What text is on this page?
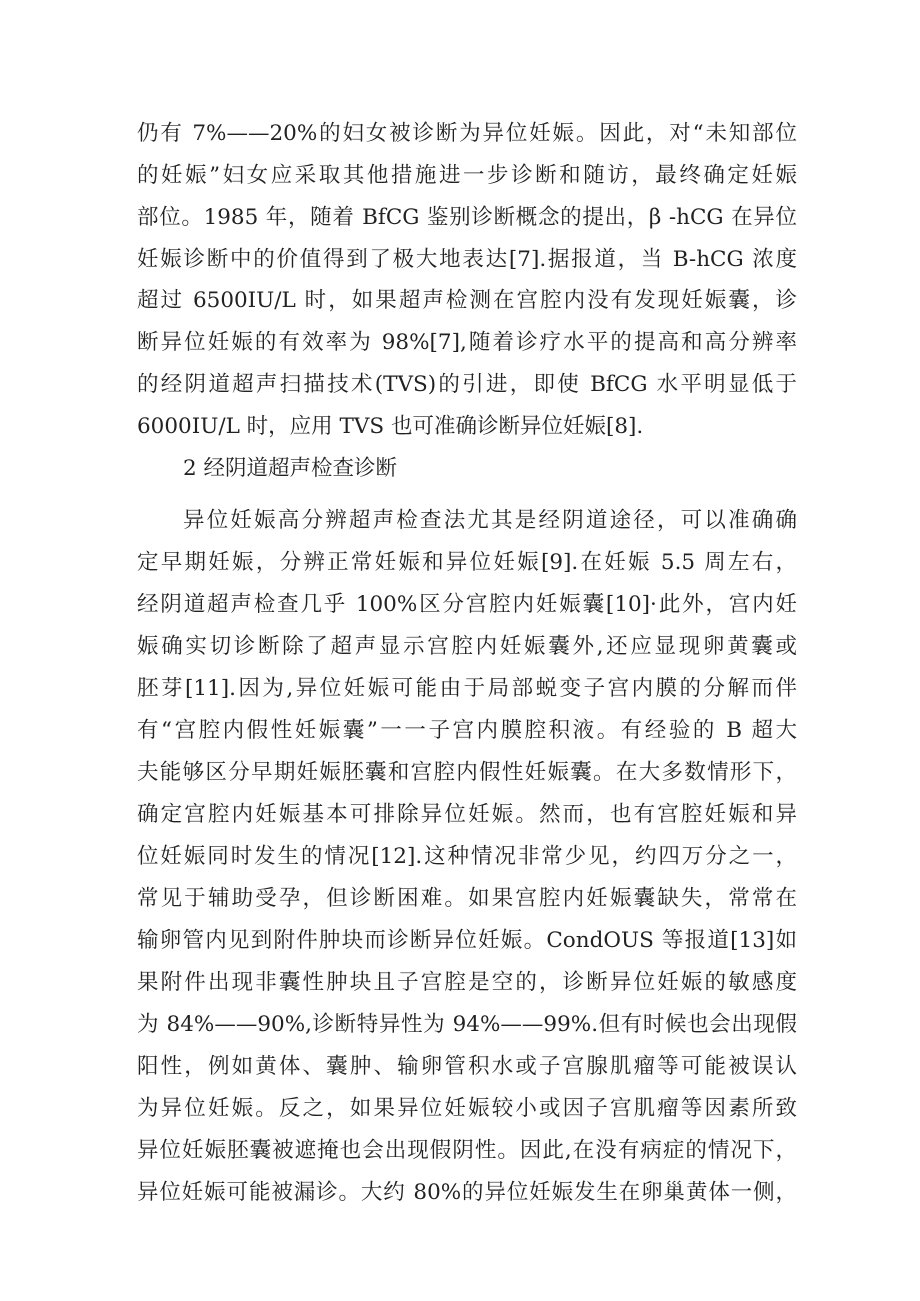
仍有 7%——20%的妇女被诊断为异位妊娠。因此，对“未知部位
的妊娠”妇女应采取其他措施进一步诊断和随访，最终确定妊娠
部位。1985 年，随着 BfCG 鉴别诊断概念的提出，β -hCG 在异位
妊娠诊断中的价值得到了极大地表达[7].据报道，当 B-hCG 浓度
超过 6500IU/L 时，如果超声检测在宫腔内没有发现妊娠囊，诊
断异位妊娠的有效率为 98%[7],随着诊疗水平的提高和高分辨率
的经阴道超声扫描技术(TVS)的引进，即使 BfCG 水平明显低于
6000IU/L 时，应用 TVS 也可准确诊断异位妊娠[8].
2 经阴道超声检查诊断
异位妊娠高分辨超声检查法尤其是经阴道途径，可以准确确
定早期妊娠，分辨正常妊娠和异位妊娠[9].在妊娠 5.5 周左右，
经阴道超声检查几乎 100%区分宫腔内妊娠囊[10]·此外，宫内妊
娠确实切诊断除了超声显示宫腔内妊娠囊外,还应显现卵黄囊或
胚芽[11].因为,异位妊娠可能由于局部蜕变子宫内膜的分解而伴
有“宫腔内假性妊娠囊”一一子宫内膜腔积液。有经验的 B 超大
夫能够区分早期妊娠胚囊和宫腔内假性妊娠囊。在大多数情形下，
确定宫腔内妊娠基本可排除异位妊娠。然而，也有宫腔妊娠和异
位妊娠同时发生的情况[12].这种情况非常少见，约四万分之一，
常见于辅助受孕，但诊断困难。如果宫腔内妊娠囊缺失，常常在
输卵管内见到附件肿块而诊断异位妊娠。CondOUS 等报道[13]如
果附件出现非囊性肿块且子宫腔是空的，诊断异位妊娠的敏感度
为 84%——90%,诊断特异性为 94%——99%.但有时候也会出现假
阳性，例如黄体、囊肿、输卵管积水或子宫腺肌瘤等可能被误认
为异位妊娠。反之，如果异位妊娠较小或因子宫肌瘤等因素所致
异位妊娠胚囊被遮掩也会出现假阴性。因此,在没有病症的情况下，
异位妊娠可能被漏诊。大约 80%的异位妊娠发生在卵巢黄体一侧，
